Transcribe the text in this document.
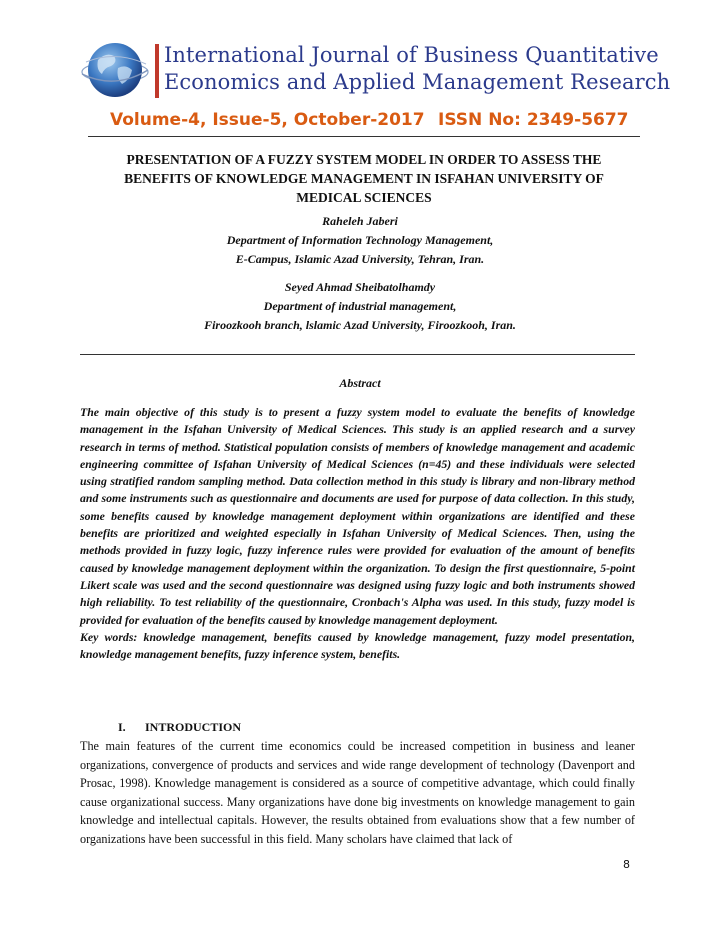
International Journal of Business Quantitative
Economics and Applied Management Research
Volume-4, Issue-5, October-2017 ISSN No: 2349-5677
PRESENTATION OF A FUZZY SYSTEM MODEL IN ORDER TO ASSESS THE BENEFITS OF KNOWLEDGE MANAGEMENT IN ISFAHAN UNIVERSITY OF MEDICAL SCIENCES
Raheleh Jaberi
Department of Information Technology Management,
E-Campus, Islamic Azad University, Tehran, Iran.
Seyed Ahmad Sheibatolhamdy
Department of industrial management,
Firoozkooh branch, lslamic Azad University, Firoozkooh, Iran.
Abstract

The main objective of this study is to present a fuzzy system model to evaluate the benefits of knowledge management in the Isfahan University of Medical Sciences. This study is an applied research and a survey research in terms of method. Statistical population consists of members of knowledge management and academic engineering committee of Isfahan University of Medical Sciences (n=45) and these individuals were selected using stratified random sampling method. Data collection method in this study is library and non-library method and some instruments such as questionnaire and documents are used for purpose of data collection. In this study, some benefits caused by knowledge management deployment within organizations are identified and these benefits are prioritized and weighted especially in Isfahan University of Medical Sciences. Then, using the methods provided in fuzzy logic, fuzzy inference rules were provided for evaluation of the amount of benefits caused by knowledge management deployment within the organization. To design the first questionnaire, 5-point Likert scale was used and the second questionnaire was designed using fuzzy logic and both instruments showed high reliability. To test reliability of the questionnaire, Cronbach's Alpha was used. In this study, fuzzy model is provided for evaluation of the benefits caused by knowledge management deployment.

Key words: knowledge management, benefits caused by knowledge management, fuzzy model presentation, knowledge management benefits, fuzzy inference system, benefits.

I. INTRODUCTION
The main features of the current time economics could be increased competition in business and leaner organizations, convergence of products and services and wide range development of technology (Davenport and Prosac, 1998). Knowledge management is considered as a source of competitive advantage, which could finally cause organizational success. Many organizations have done big investments on knowledge management to gain knowledge and intellectual capitals. However, the results obtained from evaluations show that a few number of organizations have been successful in this field. Many scholars have claimed that lack of
8
